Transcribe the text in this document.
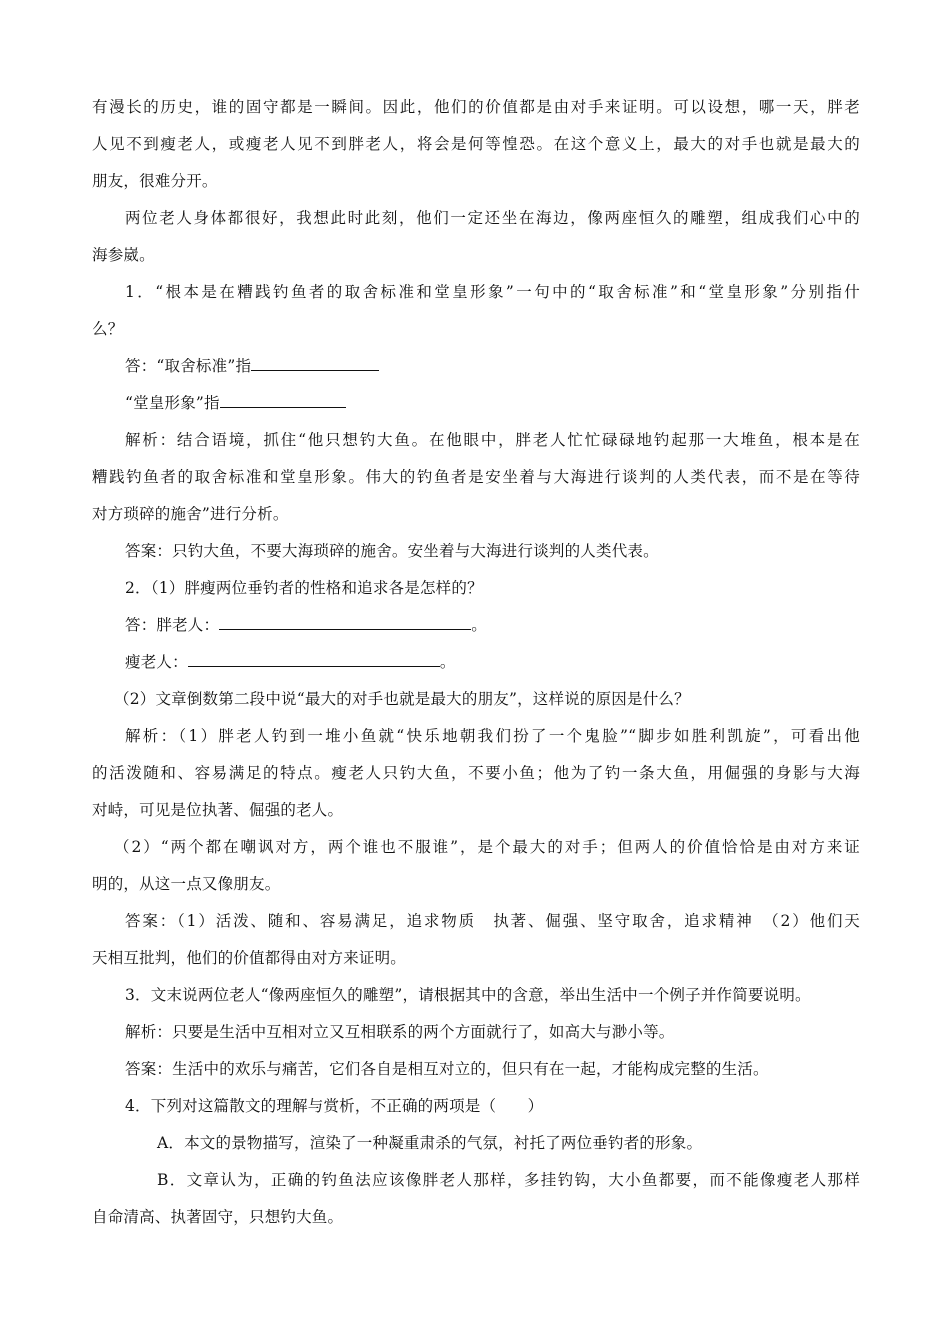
有漫长的历史，谁的固守都是一瞬间。因此，他们的价值都是由对手来证明。可以设想，哪一天，胖老
人见不到瘦老人，或瘦老人见不到胖老人，将会是何等惶恐。在这个意义上，最大的对手也就是最大的
朋友，很难分开。
两位老人身体都很好，我想此时此刻，他们一定还坐在海边，像两座恒久的雕塑，组成我们心中的
海参崴。
1．“根本是在糟践钓鱼者的取舍标准和堂皇形象”一句中的“取舍标准”和“堂皇形象”分别指什
么？
答：“取舍标准”指
“堂皇形象”指
解析：结合语境，抓住“他只想钓大鱼。在他眼中，胖老人忙忙碌碌地钓起那一大堆鱼，根本是在
糟践钓鱼者的取舍标准和堂皇形象。伟大的钓鱼者是安坐着与大海进行谈判的人类代表，而不是在等待
对方琐碎的施舍”进行分析。
答案：只钓大鱼，不要大海琐碎的施舍。安坐着与大海进行谈判的人类代表。
2．（1）胖瘦两位垂钓者的性格和追求各是怎样的？
答：胖老人：	。
瘦老人：	。
（2）文章倒数第二段中说“最大的对手也就是最大的朋友”，这样说的原因是什么？
解析：（1）胖老人钓到一堆小鱼就“快乐地朝我们扮了一个鬼脸”“脚步如胜利凯旋”，可看出他
的活泼随和、容易满足的特点。瘦老人只钓大鱼，不要小鱼；他为了钓一条大鱼，用倔强的身影与大海
对峙，可见是位执著、倔强的老人。
（2）“两个都在嘲讽对方，两个谁也不服谁”，是个最大的对手；但两人的价值恰恰是由对方来证
明的，从这一点又像朋友。
答案：（1）活泼、随和、容易满足，追求物质　执著、倔强、坚守取舍，追求精神　（2）他们天
天相互批判，他们的价值都得由对方来证明。
3．文末说两位老人“像两座恒久的雕塑”，请根据其中的含意，举出生活中一个例子并作简要说明。
解析：只要是生活中互相对立又互相联系的两个方面就行了，如高大与渺小等。
答案：生活中的欢乐与痛苦，它们各自是相互对立的，但只有在一起，才能构成完整的生活。
4．下列对这篇散文的理解与赏析，不正确的两项是（　　）
A．本文的景物描写，渲染了一种凝重肃杀的气氛，衬托了两位垂钓者的形象。
B．文章认为，正确的钓鱼法应该像胖老人那样，多挂钓钩，大小鱼都要，而不能像瘦老人那样
自命清高、执著固守，只想钓大鱼。
